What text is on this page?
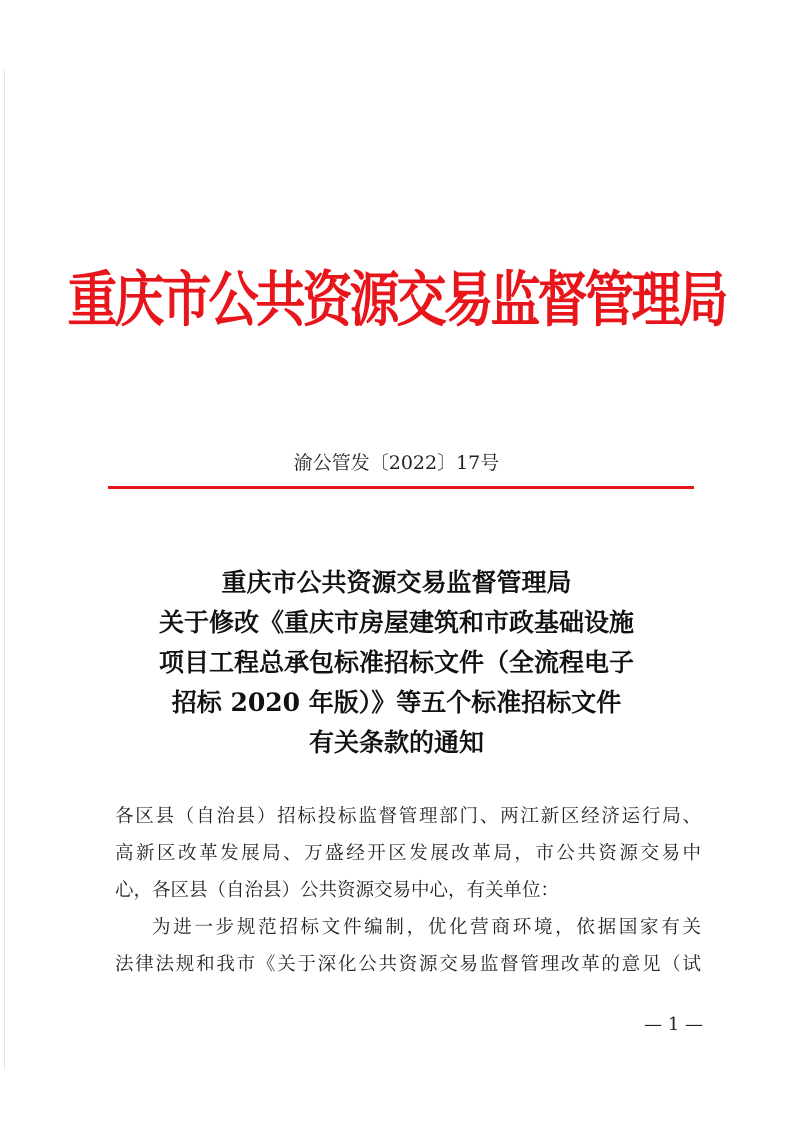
重庆市公共资源交易监督管理局
渝公管发〔2022〕17号
重庆市公共资源交易监督管理局
关于修改《重庆市房屋建筑和市政基础设施
项目工程总承包标准招标文件（全流程电子
招标 2020 年版）》等五个标准招标文件
有关条款的通知

各区县（自治县）招标投标监督管理部门、两江新区经济运行局、

高新区改革发展局、万盛经开区发展改革局，市公共资源交易中

心，各区县（自治县）公共资源交易中心，有关单位：

为进一步规范招标文件编制，优化营商环境，依据国家有关

法律法规和我市《关于深化公共资源交易监督管理改革的意见（试

— 1 —
